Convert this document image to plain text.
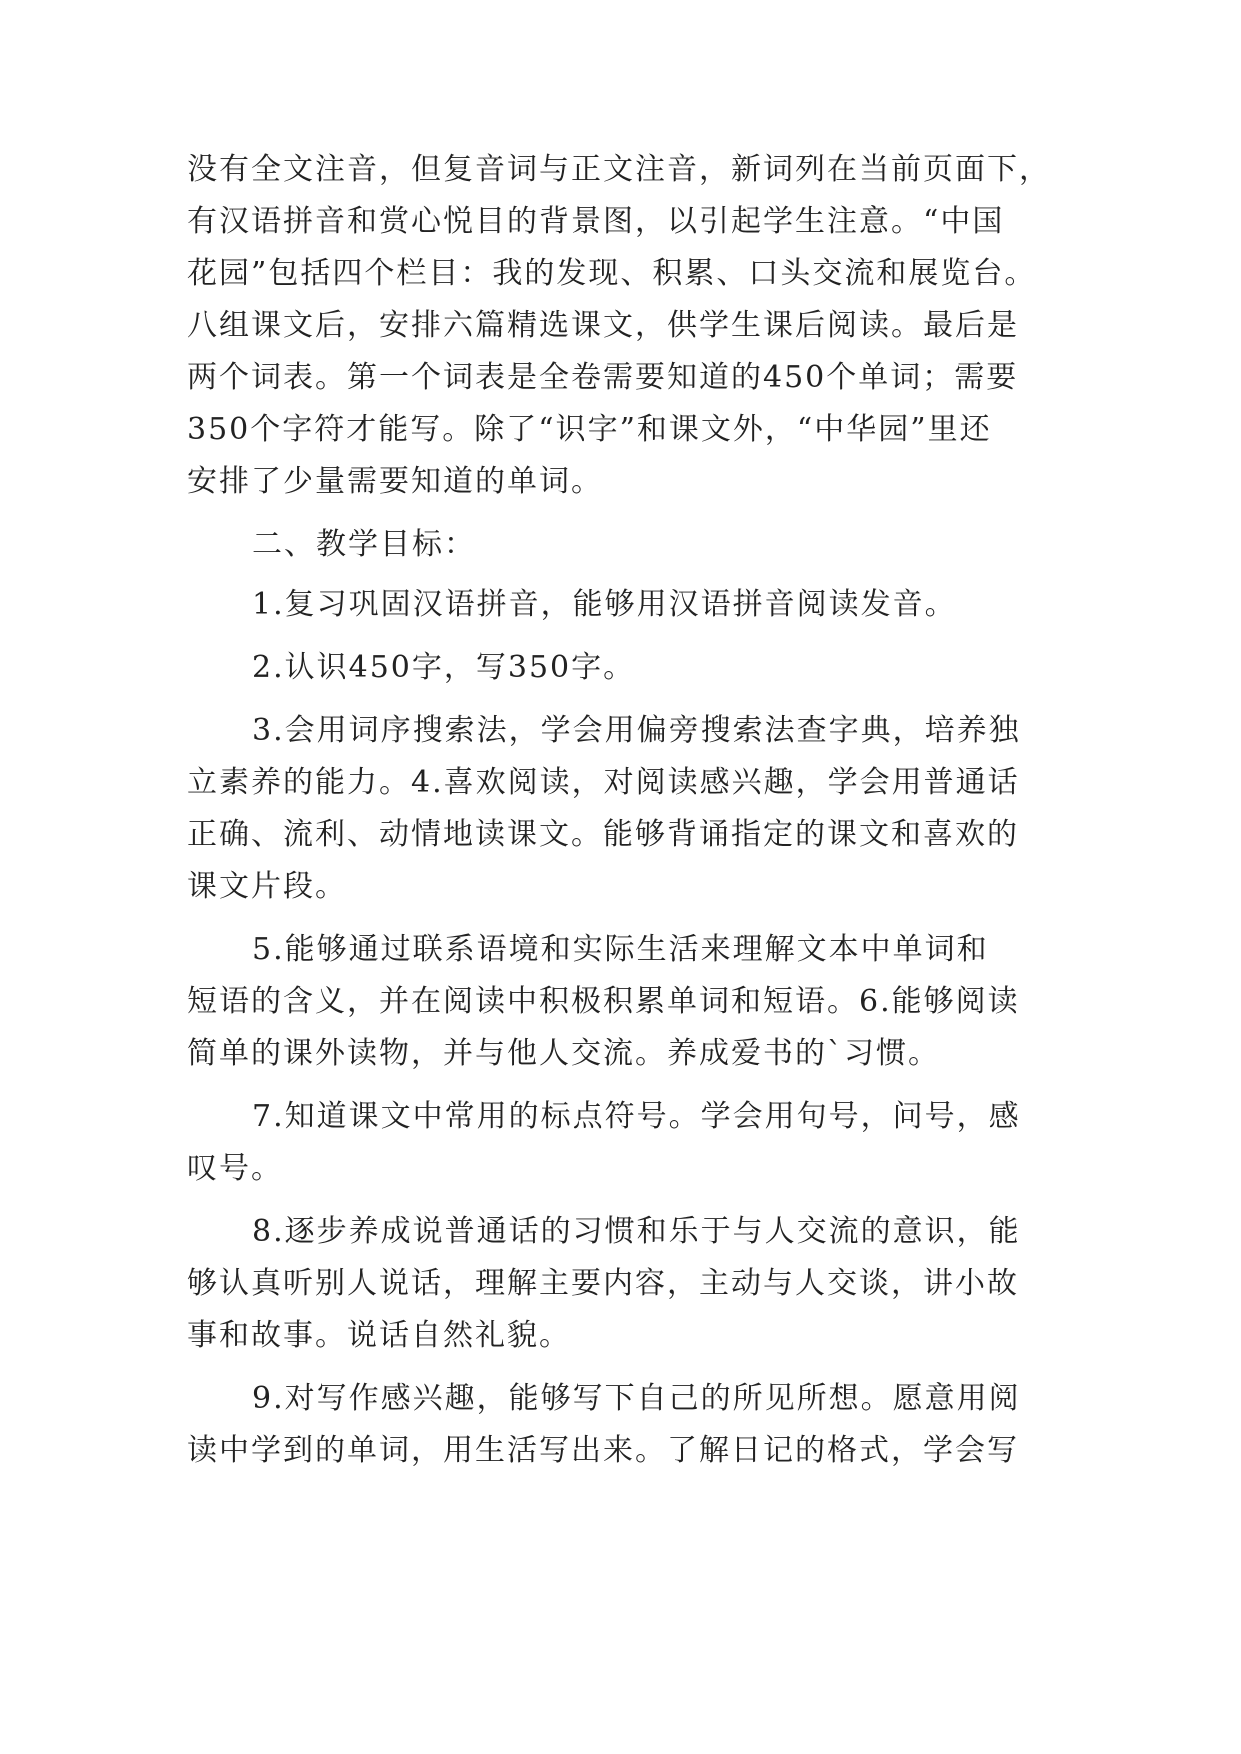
没有全文注音，但复音词与正文注音，新词列在当前页面下，
有汉语拼音和赏心悦目的背景图，以引起学生注意。“中国
花园”包括四个栏目：我的发现、积累、口头交流和展览台。
八组课文后，安排六篇精选课文，供学生课后阅读。最后是
两个词表。第一个词表是全卷需要知道的450个单词；需要
350个字符才能写。除了“识字”和课文外，“中华园”里还
安排了少量需要知道的单词。
二、教学目标：
1.复习巩固汉语拼音，能够用汉语拼音阅读发音。
2.认识450字，写350字。
3.会用词序搜索法，学会用偏旁搜索法查字典，培养独
立素养的能力。4.喜欢阅读，对阅读感兴趣，学会用普通话
正确、流利、动情地读课文。能够背诵指定的课文和喜欢的
课文片段。
5.能够通过联系语境和实际生活来理解文本中单词和
短语的含义，并在阅读中积极积累单词和短语。6.能够阅读
简单的课外读物，并与他人交流。养成爱书的`习惯。
7.知道课文中常用的标点符号。学会用句号，问号，感
叹号。
8.逐步养成说普通话的习惯和乐于与人交流的意识，能
够认真听别人说话，理解主要内容，主动与人交谈，讲小故
事和故事。说话自然礼貌。
9.对写作感兴趣，能够写下自己的所见所想。愿意用阅
读中学到的单词，用生活写出来。了解日记的格式，学会写
